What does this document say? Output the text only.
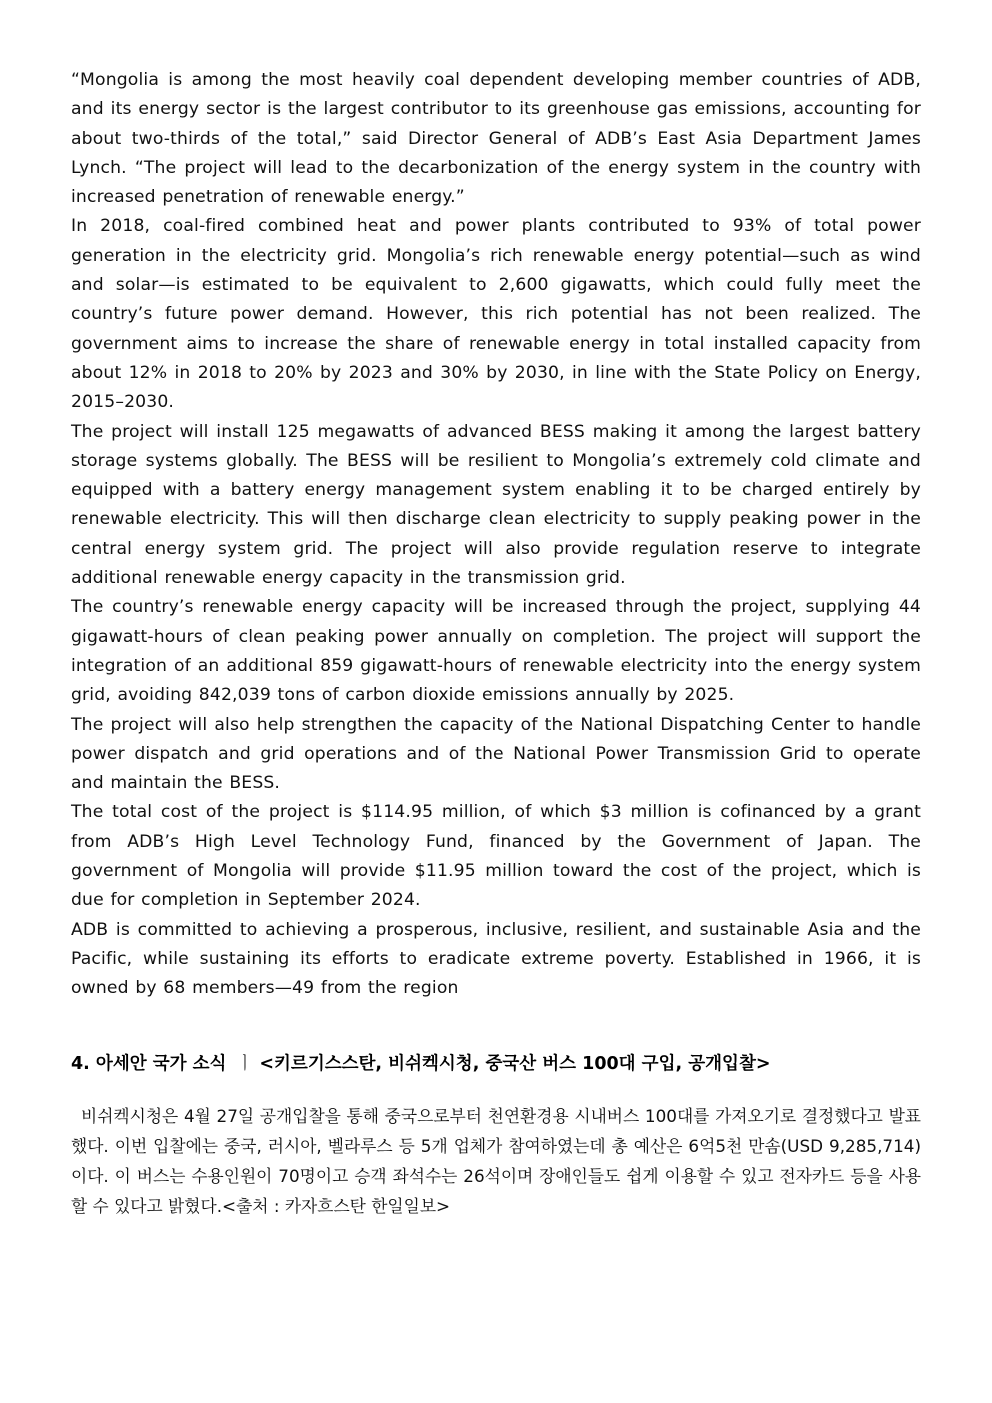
“Mongolia is among the most heavily coal dependent developing member countries of ADB, and its energy sector is the largest contributor to its greenhouse gas emissions, accounting for about two-thirds of the total,” said Director General of ADB’s East Asia Department James Lynch. “The project will lead to the decarbonization of the energy system in the country with increased penetration of renewable energy.”

In 2018, coal-fired combined heat and power plants contributed to 93% of total power generation in the electricity grid. Mongolia’s rich renewable energy potential—such as wind and solar—is estimated to be equivalent to 2,600 gigawatts, which could fully meet the country’s future power demand. However, this rich potential has not been realized. The government aims to increase the share of renewable energy in total installed capacity from about 12% in 2018 to 20% by 2023 and 30% by 2030, in line with the State Policy on Energy, 2015–2030.

The project will install 125 megawatts of advanced BESS making it among the largest battery storage systems globally. The BESS will be resilient to Mongolia’s extremely cold climate and equipped with a battery energy management system enabling it to be charged entirely by renewable electricity. This will then discharge clean electricity to supply peaking power in the central energy system grid. The project will also provide regulation reserve to integrate additional renewable energy capacity in the transmission grid.

The country’s renewable energy capacity will be increased through the project, supplying 44 gigawatt-hours of clean peaking power annually on completion. The project will support the integration of an additional 859 gigawatt-hours of renewable electricity into the energy system grid, avoiding 842,039 tons of carbon dioxide emissions annually by 2025.

The project will also help strengthen the capacity of the National Dispatching Center to handle power dispatch and grid operations and of the National Power Transmission Grid to operate and maintain the BESS.

The total cost of the project is $114.95 million, of which $3 million is cofinanced by a grant from ADB’s High Level Technology Fund, financed by the Government of Japan. The government of Mongolia will provide $11.95 million toward the cost of the project, which is due for completion in September 2024.

ADB is committed to achieving a prosperous, inclusive, resilient, and sustainable Asia and the Pacific, while sustaining its efforts to eradicate extreme poverty. Established in 1966, it is owned by 68 members—49 from the region

4. 아세안 국가 소식 ㅣ <키르기스스탄, 비쉬켁시청, 중국산 버스 100대 구입, 공개입찰>

비쉬켁시청은 4월 27일 공개입찰을 통해 중국으로부터 천연환경용 시내버스 100대를 가져오기로 결정했다고 발표했다. 이번 입찰에는 중국, 러시아, 벨라루스 등 5개 업체가 참여하였는데 총 예산은 6억5천 만솜(USD 9,285,714)이다. 이 버스는 수용인원이 70명이고 승객 좌석수는 26석이며 장애인들도 쉽게 이용할 수 있고 전자카드 등을 사용할 수 있다고 밝혔다.<출처 : 카자흐스탄 한일일보>
